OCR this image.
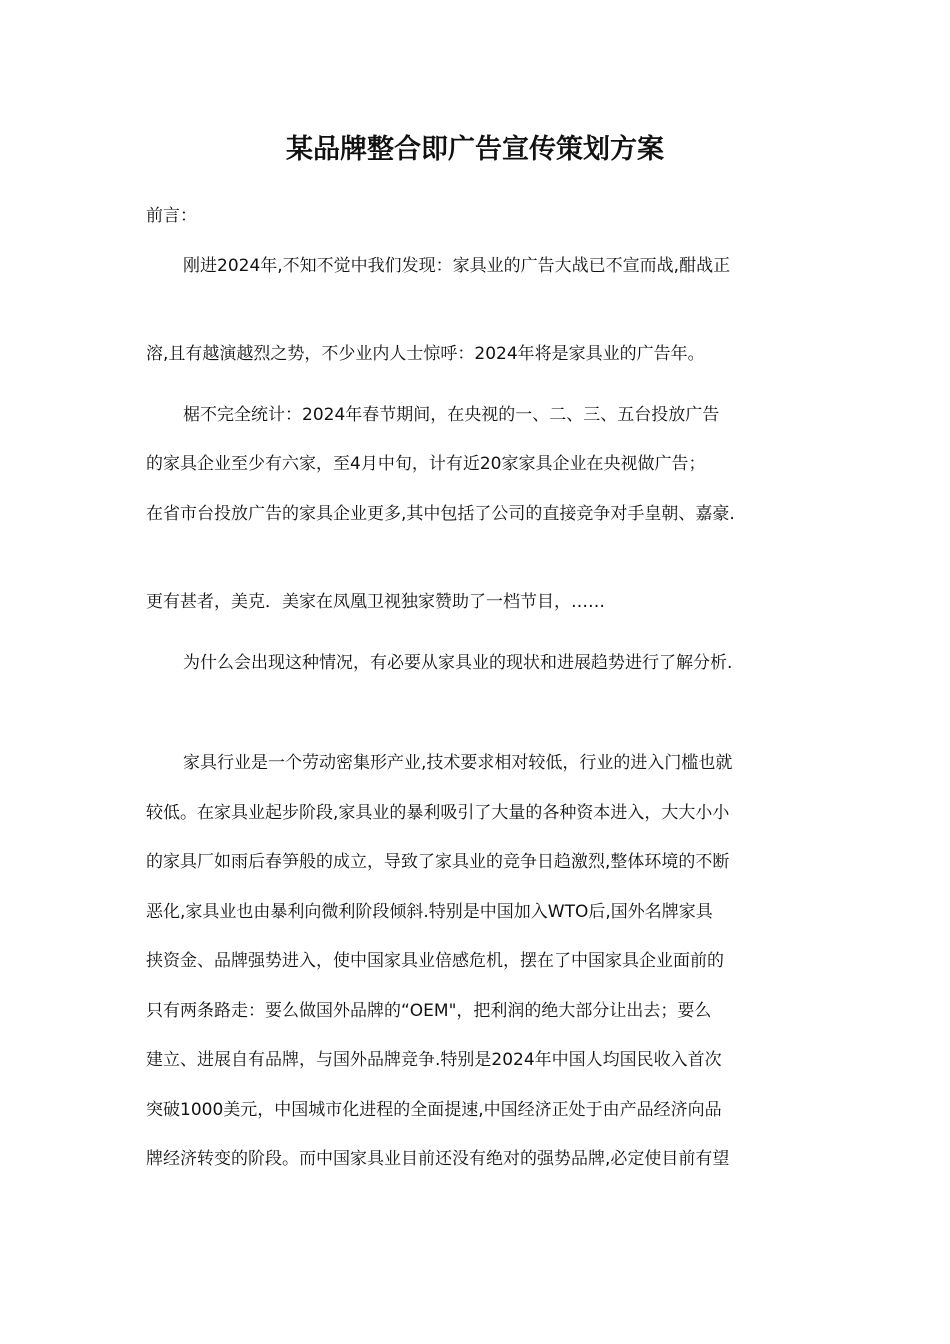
某品牌整合即广告宣传策划方案

前言：

刚进2024年,不知不觉中我们发现：家具业的广告大战已不宣而战,酣战正

溶,且有越演越烈之势，不少业内人士惊呼：2024年将是家具业的广告年。

椐不完全统计：2024年春节期间，在央视的一、二、三、五台投放广告

的家具企业至少有六家，至4月中旬，计有近20家家具企业在央视做广告；

在省市台投放广告的家具企业更多,其中包括了公司的直接竞争对手皇朝、嘉豪.

更有甚者，美克．美家在凤凰卫视独家赞助了一档节目，……

为什么会出现这种情况，有必要从家具业的现状和进展趋势进行了解分析.

家具行业是一个劳动密集形产业,技术要求相对较低，行业的进入门槛也就

较低。在家具业起步阶段,家具业的暴利吸引了大量的各种资本进入，大大小小

的家具厂如雨后春笋般的成立，导致了家具业的竞争日趋激烈,整体环境的不断

恶化,家具业也由暴利向微利阶段倾斜.特别是中国加入WTO后,国外名牌家具

挟资金、品牌强势进入，使中国家具业倍感危机，摆在了中国家具企业面前的

只有两条路走：要么做国外品牌的“OEM"，把利润的绝大部分让出去；要么

建立、进展自有品牌，与国外品牌竞争.特别是2024年中国人均国民收入首次

突破1000美元，中国城市化进程的全面提速,中国经济正处于由产品经济向品

牌经济转变的阶段。而中国家具业目前还没有绝对的强势品牌,必定使目前有望
